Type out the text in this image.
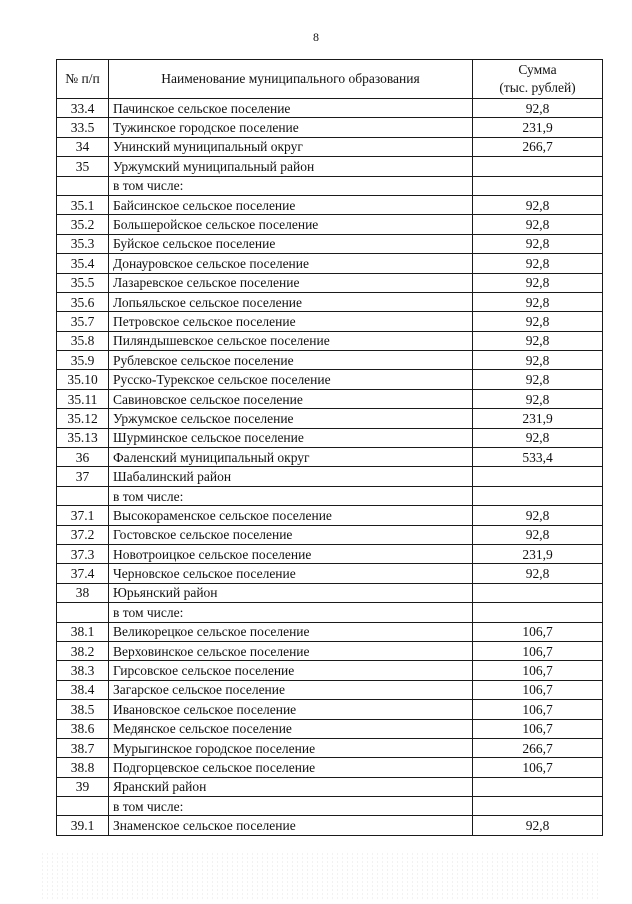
8
№ п/п	Наименование муниципального образования	Сумма
(тыс. рублей)

33.4	Пачинское сельское поселение	92,8
33.5	Тужинское городское поселение	231,9
34	Унинский муниципальный округ	266,7
35	Уржумский муниципальный район	
	в том числе:	
35.1	Байсинское сельское поселение	92,8
35.2	Большеройское сельское поселение	92,8
35.3	Буйское сельское поселение	92,8
35.4	Донауровское сельское поселение	92,8
35.5	Лазаревское сельское поселение	92,8
35.6	Лопьяльское сельское поселение	92,8
35.7	Петровское сельское поселение	92,8
35.8	Пиляндышевское сельское поселение	92,8
35.9	Рублевское сельское поселение	92,8
35.10	Русско-Турекское сельское поселение	92,8
35.11	Савиновское сельское поселение	92,8
35.12	Уржумское сельское поселение	231,9
35.13	Шурминское сельское поселение	92,8
36	Фаленский муниципальный округ	533,4
37	Шабалинский район	
	в том числе:	
37.1	Высокораменское сельское поселение	92,8
37.2	Гостовское сельское поселение	92,8
37.3	Новотроицкое сельское поселение	231,9
37.4	Черновское сельское поселение	92,8
38	Юрьянский район	
	в том числе:	
38.1	Великорецкое сельское поселение	106,7
38.2	Верховинское сельское поселение	106,7
38.3	Гирсовское сельское поселение	106,7
38.4	Загарское сельское поселение	106,7
38.5	Ивановское сельское поселение	106,7
38.6	Медянское сельское поселение	106,7
38.7	Мурыгинское городское поселение	266,7
38.8	Подгорцевское сельское поселение	106,7
39	Яранский район	
	в том числе:	
39.1	Знаменское сельское поселение	92,8
